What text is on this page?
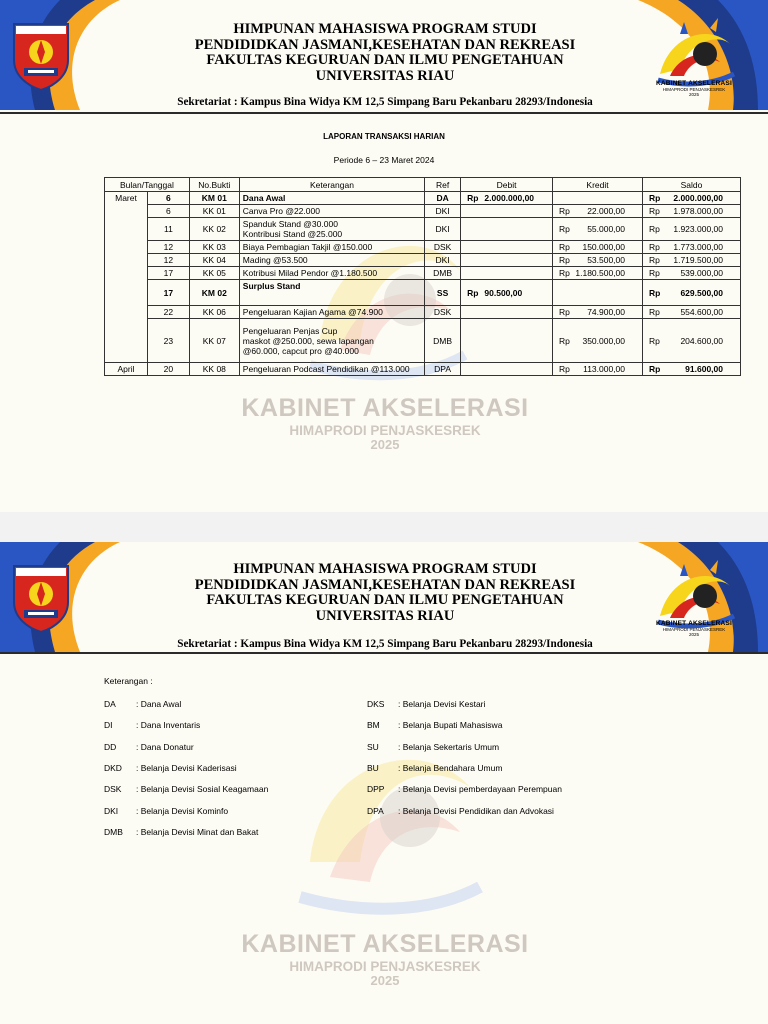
HIMPUNAN MAHASISWA PROGRAM STUDI
PENDIDIDKAN JASMANI,KESEHATAN DAN REKREASI
FAKULTAS KEGURUAN DAN ILMU PENGETAHUAN
UNIVERSITAS RIAU	KABINET AKSELERASI
HIMAPRODI PENJASKESREK
2025
Sekretariat : Kampus Bina Widya KM 12,5 Simpang Baru Pekanbaru 28293/Indonesia
KABINET AKSELERASI
HIMAPRODI PENJASKESREK
2025
LAPORAN TRANSAKSI HARIAN
Periode 6 – 23 Maret 2024
Bulan/Tanggal		No.Bukti	Keterangan	Ref	Debit	Kredit	Saldo
Maret	6	KM 01	Dana Awal	DA	Rp 2.000.000,00		Rp 2.000.000,00

	6	KK 01	Canva Pro @22.000	DKI		Rp 22.000,00	Rp 1.978.000,00

	11	KK 02	Spanduk Stand @30.000
Kontribusi Stand @25.000	DKI		Rp 55.000,00	Rp 1.923.000,00

	12	KK 03	Biaya Pembagian Takjil @150.000	DSK		Rp 150.000,00	Rp 1.773.000,00

	12	KK 04	Mading @53.500	DKI		Rp 53.500,00	Rp 1.719.500,00

	17	KK 05	Kotribusi Milad Pendor @1.180.500	DMB		Rp 1.180.500,00	Rp 539.000,00

	17	KM 02	Surplus Stand	SS	Rp 90.500,00		Rp 629.500,00

	22	KK 06	Pengeluaran Kajian Agama @74.900	DSK		Rp 74.900,00	Rp 554.600,00

	23	KK 07	Pengeluaran Penjas Cup
maskot @250.000, sewa lapangan
@60.000, capcut pro @40.000	DMB		Rp 350.000,00	Rp 204.600,00

April	20	KK 08	Pengeluaran Podcast Pendidikan @113.000	DPA		Rp 113.000,00	Rp 91.600,00
HIMPUNAN MAHASISWA PROGRAM STUDI
PENDIDIDKAN JASMANI,KESEHATAN DAN REKREASI
FAKULTAS KEGURUAN DAN ILMU PENGETAHUAN
UNIVERSITAS RIAU	KABINET AKSELERASI
HIMAPRODI PENJASKESREK
2025
Sekretariat : Kampus Bina Widya KM 12,5 Simpang Baru Pekanbaru 28293/Indonesia
KABINET AKSELERASI
HIMAPRODI PENJASKESREK
2025
Keterangan :
DA	: Dana Awal
DI	: Dana Inventaris
DD	: Dana Donatur
DKD	: Belanja Devisi Kaderisasi
DSK	: Belanja Devisi Sosial Keagamaan
DKI	: Belanja Devisi Kominfo
DMB	: Belanja Devisi Minat dan Bakat
DKS	: Belanja Devisi Kestari
BM	: Belanja Bupati Mahasiswa
SU	: Belanja Sekertaris Umum
BU	: Belanja Bendahara Umum
DPP	: Belanja Devisi pemberdayaan Perempuan
DPA	: Belanja Devisi Pendidikan dan Advokasi
